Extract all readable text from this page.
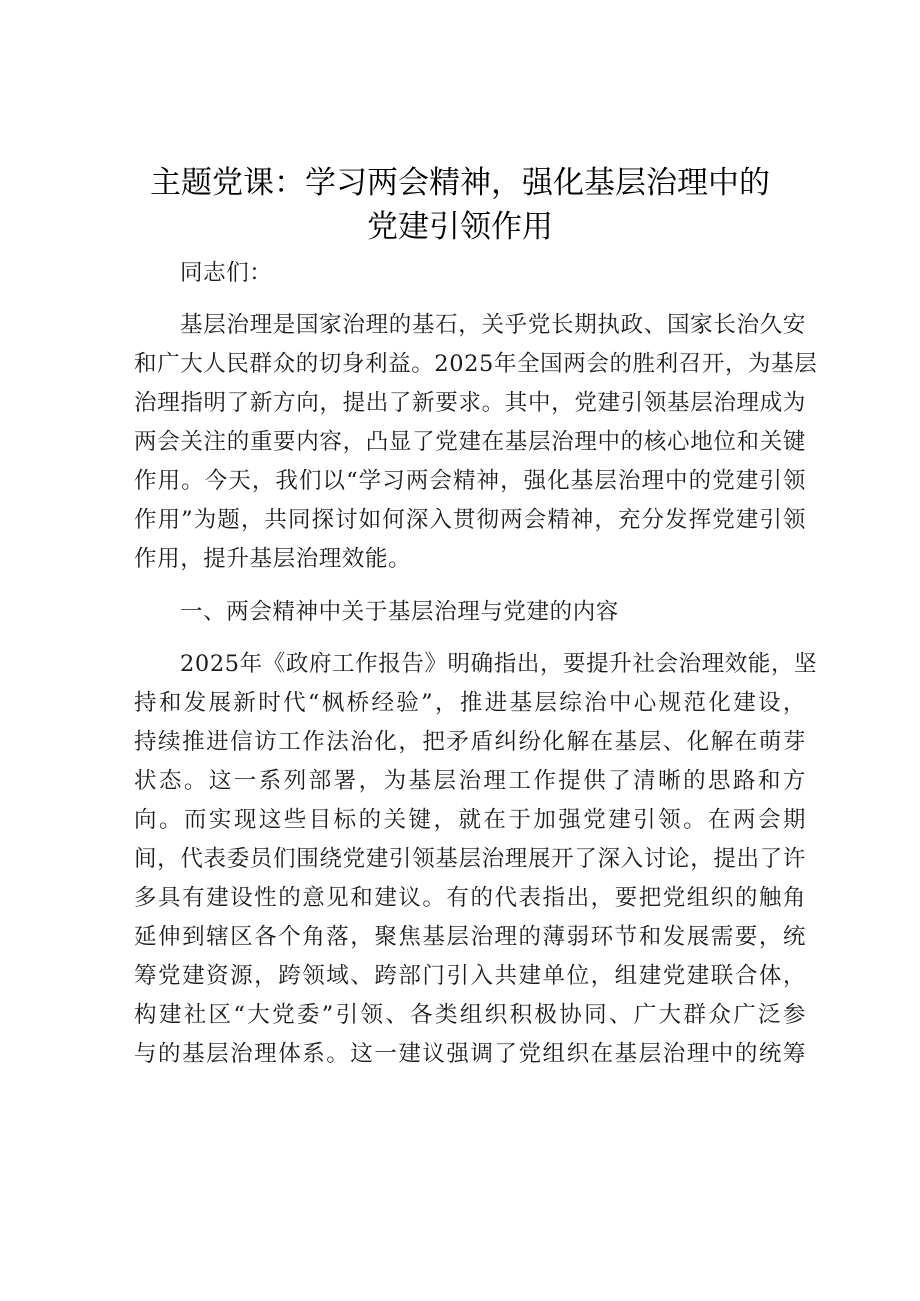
主题党课：学习两会精神，强化基层治理中的
党建引领作用
同志们：
基层治理是国家治理的基石，关乎党长期执政、国家长治久安
和广大人民群众的切身利益。2025年全国两会的胜利召开，为基层
治理指明了新方向，提出了新要求。其中，党建引领基层治理成为
两会关注的重要内容，凸显了党建在基层治理中的核心地位和关键
作用。今天，我们以“学习两会精神，强化基层治理中的党建引领
作用”为题，共同探讨如何深入贯彻两会精神，充分发挥党建引领
作用，提升基层治理效能。
一、两会精神中关于基层治理与党建的内容
2025年《政府工作报告》明确指出，要提升社会治理效能，坚
持和发展新时代“枫桥经验”，推进基层综治中心规范化建设，
持续推进信访工作法治化，把矛盾纠纷化解在基层、化解在萌芽
状态。这一系列部署，为基层治理工作提供了清晰的思路和方
向。而实现这些目标的关键，就在于加强党建引领。在两会期
间，代表委员们围绕党建引领基层治理展开了深入讨论，提出了许
多具有建设性的意见和建议。有的代表指出，要把党组织的触角
延伸到辖区各个角落，聚焦基层治理的薄弱环节和发展需要，统
筹党建资源，跨领域、跨部门引入共建单位，组建党建联合体，
构建社区“大党委”引领、各类组织积极协同、广大群众广泛参
与的基层治理体系。这一建议强调了党组织在基层治理中的统筹
